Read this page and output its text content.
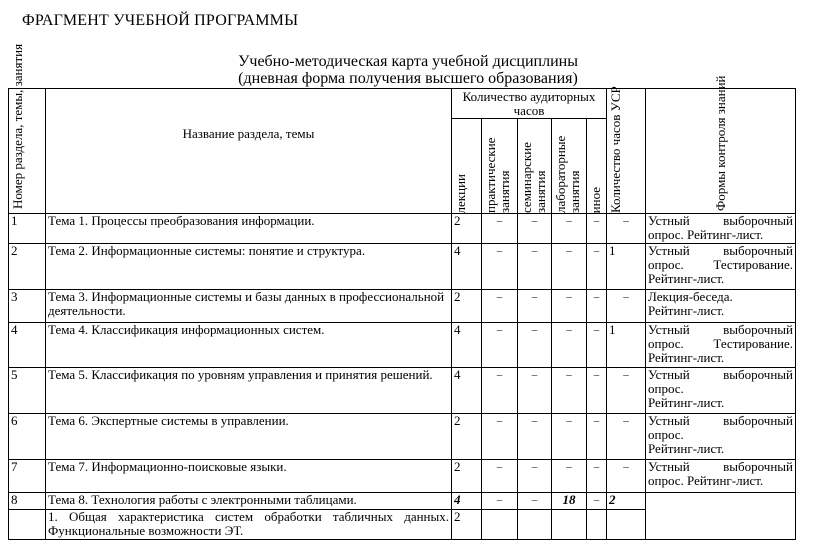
ФРАГМЕНТ УЧЕБНОЙ ПРОГРАММЫ
Учебно-методическая карта учебной дисциплины
(дневная форма получения высшего образования)
Номер раздела, темы, занятия	Название раздела, темы	Количество аудиторных часов					Количество часов УСР	Формы контроля знаний

		лекции	практические занятия	семинарские занятия	лабораторные занятия	иное		

1	Тема 1. Процессы преобразования информации.	2	–	–	–	–	–	Устный выборочный
опрос. Рейтинг-лист.

2	Тема 2. Информационные системы: понятие и структура.	4	–	–	–	–	1	Устный выборочный
опрос. Тестирование.
Рейтинг-лист.

3	Тема 3. Информационные системы и базы данных в профессиональной деятельности.	2	–	–	–	–	–	Лекция-беседа.
Рейтинг-лист.

4	Тема 4. Классификация информационных систем.	4	–	–	–	–	1	Устный выборочный
опрос. Тестирование.
Рейтинг-лист.

5	Тема 5. Классификация по уровням управления и принятия решений.	4	–	–	–	–	–	Устный выборочный
опрос.
Рейтинг-лист.

6	Тема 6. Экспертные системы в управлении.	2	–	–	–	–	–	Устный выборочный
опрос.
Рейтинг-лист.

7	Тема 7. Информационно-поисковые языки.	2	–	–	–	–	–	Устный выборочный
опрос. Рейтинг-лист.

8	Тема 8. Технология работы с электронными таблицами.	4	–	–	18	–	2	

	1. Общая характеристика систем обработки табличных данных. Функциональные возможности ЭТ.	2						
